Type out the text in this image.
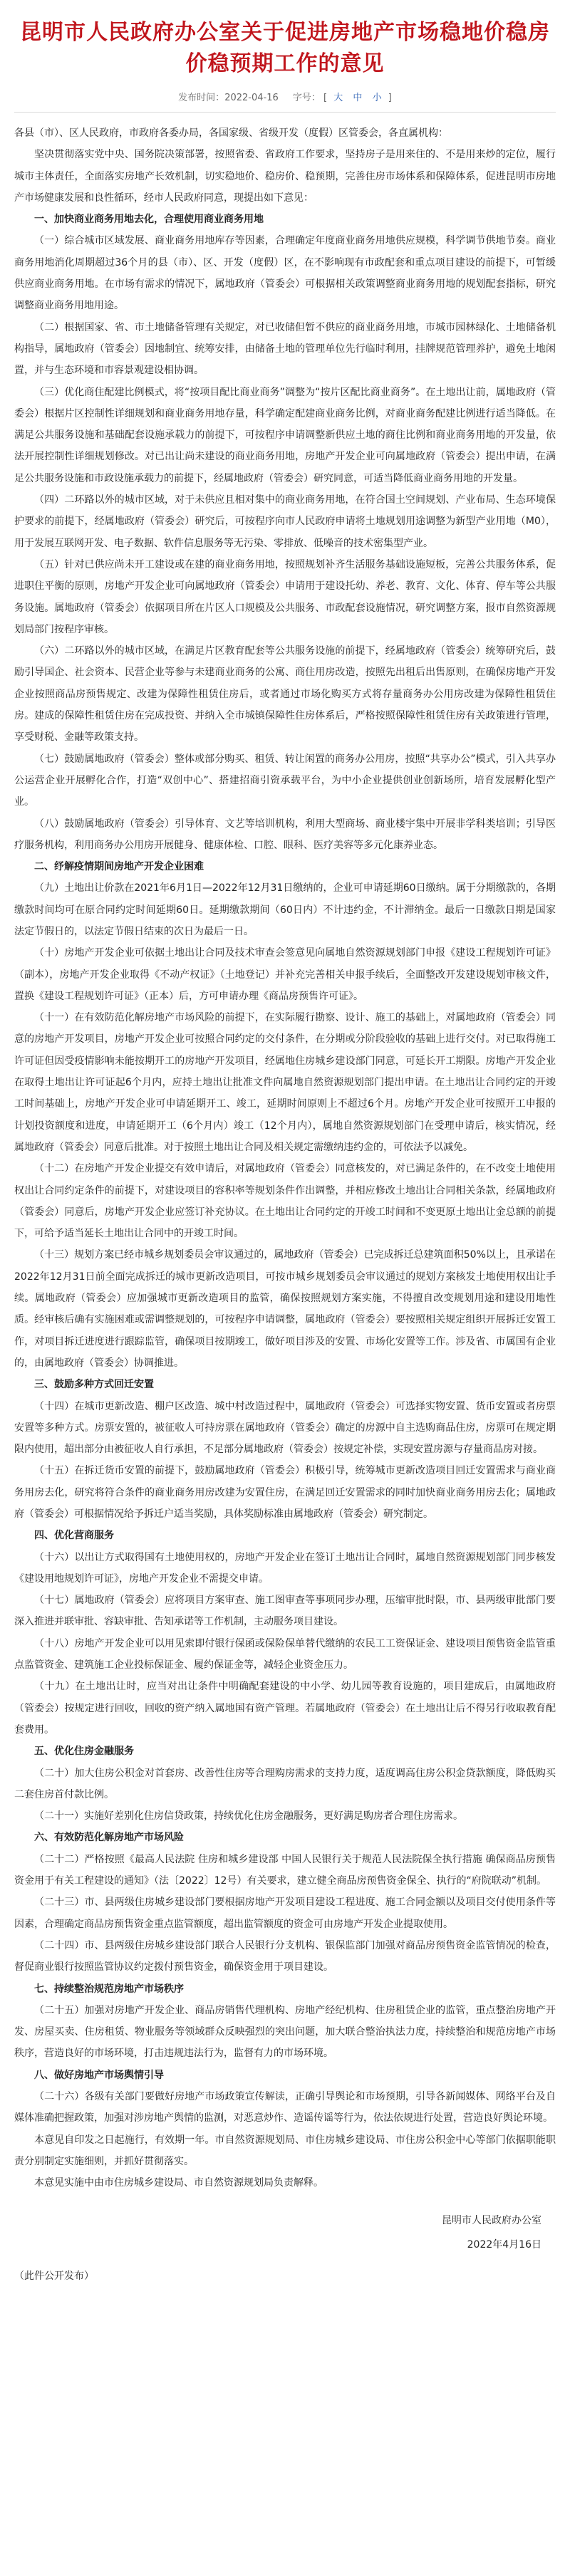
昆明市人民政府办公室关于促进房地产市场稳地价稳房价稳预期工作的意见
发布时间：2022-04-16 字号： [ 大 中 小 ]

各县（市）、区人民政府，市政府各委办局，各国家级、省级开发（度假）区管委会，各直属机构：

坚决贯彻落实党中央、国务院决策部署，按照省委、省政府工作要求，坚持房子是用来住的、不是用来炒的定位，履行城市主体责任，全面落实房地产长效机制，切实稳地价、稳房价、稳预期，完善住房市场体系和保障体系，促进昆明市房地产市场健康发展和良性循环，经市人民政府同意，现提出如下意见：

一、加快商业商务用地去化，合理使用商业商务用地

（一）综合城市区域发展、商业商务用地库存等因素，合理确定年度商业商务用地供应规模，科学调节供地节奏。商业商务用地消化周期超过36个月的县（市）、区、开发（度假）区，在不影响现有市政配套和重点项目建设的前提下，可暂缓供应商业商务用地。在市场有需求的情况下，属地政府（管委会）可根据相关政策调整商业商务用地的规划配套指标，研究调整商业商务用地用途。

（二）根据国家、省、市土地储备管理有关规定，对已收储但暂不供应的商业商务用地，市城市园林绿化、土地储备机构指导，属地政府（管委会）因地制宜、统筹安排，由储备土地的管理单位先行临时利用，挂牌规范管理养护，避免土地闲置，并与生态环境和市容景观建设相协调。

（三）优化商住配建比例模式，将“按项目配比商业商务”调整为“按片区配比商业商务”。在土地出让前，属地政府（管委会）根据片区控制性详细规划和商业商务用地存量，科学确定配建商业商务比例，对商业商务配建比例进行适当降低。在满足公共服务设施和基础配套设施承载力的前提下，可按程序申请调整新供应土地的商住比例和商业商务用地的开发量，依法开展控制性详细规划修改。对已出让尚未建设的商业商务用地，房地产开发企业可向属地政府（管委会）提出申请，在满足公共服务设施和市政设施承载力的前提下，经属地政府（管委会）研究同意，可适当降低商业商务用地的开发量。

（四）二环路以外的城市区域，对于未供应且相对集中的商业商务用地，在符合国土空间规划、产业布局、生态环境保护要求的前提下，经属地政府（管委会）研究后，可按程序向市人民政府申请将土地规划用途调整为新型产业用地（M0），用于发展互联网开发、电子数据、软件信息服务等无污染、零排放、低噪音的技术密集型产业。

（五）针对已供应尚未开工建设或在建的商业商务用地，按照规划补齐生活服务基础设施短板，完善公共服务体系，促进职住平衡的原则，房地产开发企业可向属地政府（管委会）申请用于建设托幼、养老、教育、文化、体育、停车等公共服务设施。属地政府（管委会）依据项目所在片区人口规模及公共服务、市政配套设施情况，研究调整方案，报市自然资源规划局部门按程序审核。

（六）二环路以外的城市区域，在满足片区教育配套等公共服务设施的前提下，经属地政府（管委会）统筹研究后，鼓励引导国企、社会资本、民营企业等参与未建商业商务的公寓、商住用房改造，按照先出租后出售原则，在确保房地产开发企业按照商品房预售规定、改建为保障性租赁住房后，或者通过市场化购买方式将存量商务办公用房改建为保障性租赁住房。建成的保障性租赁住房在完成投资、并纳入全市城镇保障性住房体系后，严格按照保障性租赁住房有关政策进行管理，享受财税、金融等政策支持。

（七）鼓励属地政府（管委会）整体或部分购买、租赁、转让闲置的商务办公用房，按照“共享办公”模式，引入共享办公运营企业开展孵化合作，打造“双创中心”、搭建招商引资承载平台，为中小企业提供创业创新场所，培育发展孵化型产业。

（八）鼓励属地政府（管委会）引导体育、文艺等培训机构，利用大型商场、商业楼宇集中开展非学科类培训；引导医疗服务机构，利用商务办公用房开展健身、健康体检、口腔、眼科、医疗美容等多元化康养业态。

二、纾解疫情期间房地产开发企业困难

（九）土地出让价款在2021年6月1日—2022年12月31日缴纳的，企业可申请延期60日缴纳。属于分期缴款的，各期缴款时间均可在原合同约定时间延期60日。延期缴款期间（60日内）不计违约金，不计滞纳金。最后一日缴款日期是国家法定节假日的，以法定节假日结束的次日为最后一日。

（十）房地产开发企业可依据土地出让合同及技术审查会签意见向属地自然资源规划部门申报《建设工程规划许可证》（副本），房地产开发企业取得《不动产权证》（土地登记）并补充完善相关申报手续后，全面整改开发建设规划审核文件，置换《建设工程规划许可证》（正本）后，方可申请办理《商品房预售许可证》。

（十一）在有效防范化解房地产市场风险的前提下，在实际履行勘察、设计、施工的基础上，对属地政府（管委会）同意的房地产开发项目，房地产开发企业可按照合同约定的交付条件，在分期或分阶段验收的基础上进行交付。对已取得施工许可证但因受疫情影响未能按期开工的房地产开发项目，经属地住房城乡建设部门同意，可延长开工期限。房地产开发企业在取得土地出让许可证起6个月内，应持土地出让批准文件向属地自然资源规划部门提出申请。在土地出让合同约定的开竣工时间基础上，房地产开发企业可申请延期开工、竣工，延期时间原则上不超过6个月。房地产开发企业可按照开工申报的计划投资额度和进度，申请延期开工（6个月内）竣工（12个月内），属地自然资源规划部门在受理申请后，核实情况，经属地政府（管委会）同意后批准。对于按照土地出让合同及相关规定需缴纳违约金的，可依法予以减免。

（十二）在房地产开发企业提交有效申请后，对属地政府（管委会）同意核发的，对已满足条件的，在不改变土地使用权出让合同约定条件的前提下，对建设项目的容积率等规划条件作出调整，并相应修改土地出让合同相关条款，经属地政府（管委会）同意后，房地产开发企业应签订补充协议。在土地出让合同约定的开竣工时间和不变更原土地出让金总额的前提下，可给予适当延长土地出让合同中的开竣工时间。

（十三）规划方案已经市城乡规划委员会审议通过的，属地政府（管委会）已完成拆迁总建筑面积50%以上，且承诺在2022年12月31日前全面完成拆迁的城市更新改造项目，可按市城乡规划委员会审议通过的规划方案核发土地使用权出让手续。属地政府（管委会）应加强城市更新改造项目的监管，确保按照规划方案实施，不得擅自改变规划用途和建设用地性质。经审核后确有实施困难或需调整规划的，可按程序申请调整，属地政府（管委会）要按照相关规定组织开展拆迁安置工作，对项目拆迁进度进行跟踪监管，确保项目按期竣工，做好项目涉及的安置、市场化安置等工作。涉及省、市属国有企业的，由属地政府（管委会）协调推进。

三、鼓励多种方式回迁安置

（十四）在城市更新改造、棚户区改造、城中村改造过程中，属地政府（管委会）可选择实物安置、货币安置或者房票安置等多种方式。房票安置的，被征收人可持房票在属地政府（管委会）确定的房源中自主选购商品住房，房票可在规定期限内使用，超出部分由被征收人自行承担，不足部分属地政府（管委会）按规定补偿，实现安置房源与存量商品房对接。

（十五）在拆迁货币安置的前提下，鼓励属地政府（管委会）积极引导，统筹城市更新改造项目回迁安置需求与商业商务用房去化，研究将符合条件的商业商务用房改建为安置住房，在满足回迁安置需求的同时加快商业商务用房去化；属地政府（管委会）可根据情况给予拆迁户适当奖励，具体奖励标准由属地政府（管委会）研究制定。

四、优化营商服务

（十六）以出让方式取得国有土地使用权的，房地产开发企业在签订土地出让合同时，属地自然资源规划部门同步核发《建设用地规划许可证》，房地产开发企业不需提交申请。

（十七）属地政府（管委会）应将项目方案审查、施工图审查等事项同步办理，压缩审批时限，市、县两级审批部门要深入推进并联审批、容缺审批、告知承诺等工作机制，主动服务项目建设。

（十八）房地产开发企业可以用见索即付银行保函或保险保单替代缴纳的农民工工资保证金、建设项目预售资金监管重点监管资金、建筑施工企业投标保证金、履约保证金等，减轻企业资金压力。

（十九）在土地出让时，应当对出让条件中明确配套建设的中小学、幼儿园等教育设施的，项目建成后，由属地政府（管委会）按规定进行回收，回收的资产纳入属地国有资产管理。若属地政府（管委会）在土地出让后不得另行收取教育配套费用。

五、优化住房金融服务

（二十）加大住房公积金对首套房、改善性住房等合理购房需求的支持力度，适度调高住房公积金贷款额度，降低购买二套住房首付款比例。

（二十一）实施好差别化住房信贷政策，持续优化住房金融服务，更好满足购房者合理住房需求。

六、有效防范化解房地产市场风险

（二十二）严格按照《最高人民法院 住房和城乡建设部 中国人民银行关于规范人民法院保全执行措施 确保商品房预售资金用于有关工程建设的通知》（法〔2022〕12号）有关要求，建立健全商品房预售资金保全、执行的“府院联动”机制。

（二十三）市、县两级住房城乡建设部门要根据房地产开发项目建设工程进度、施工合同金额以及项目交付使用条件等因素，合理确定商品房预售资金重点监管额度，超出监管额度的资金可由房地产开发企业提取使用。

（二十四）市、县两级住房城乡建设部门联合人民银行分支机构、银保监部门加强对商品房预售资金监管情况的检查，督促商业银行按照监管协议约定拨付预售资金，确保资金用于项目建设。

七、持续整治规范房地产市场秩序

（二十五）加强对房地产开发企业、商品房销售代理机构、房地产经纪机构、住房租赁企业的监管，重点整治房地产开发、房屋买卖、住房租赁、物业服务等领域群众反映强烈的突出问题，加大联合整治执法力度，持续整治和规范房地产市场秩序，营造良好的市场环境，打击违规违法行为，监督有力的市场环境。

八、做好房地产市场舆情引导

（二十六）各级有关部门要做好房地产市场政策宣传解读，正确引导舆论和市场预期，引导各新闻媒体、网络平台及自媒体准确把握政策，加强对涉房地产舆情的监测，对恶意炒作、造谣传谣等行为，依法依规进行处置，营造良好舆论环境。

本意见自印发之日起施行，有效期一年。市自然资源规划局、市住房城乡建设局、市住房公积金中心等部门依据职能职责分别制定实施细则，并抓好贯彻落实。

本意见实施中由市住房城乡建设局、市自然资源规划局负责解释。

昆明市人民政府办公室
2022年4月16日
（此件公开发布）
